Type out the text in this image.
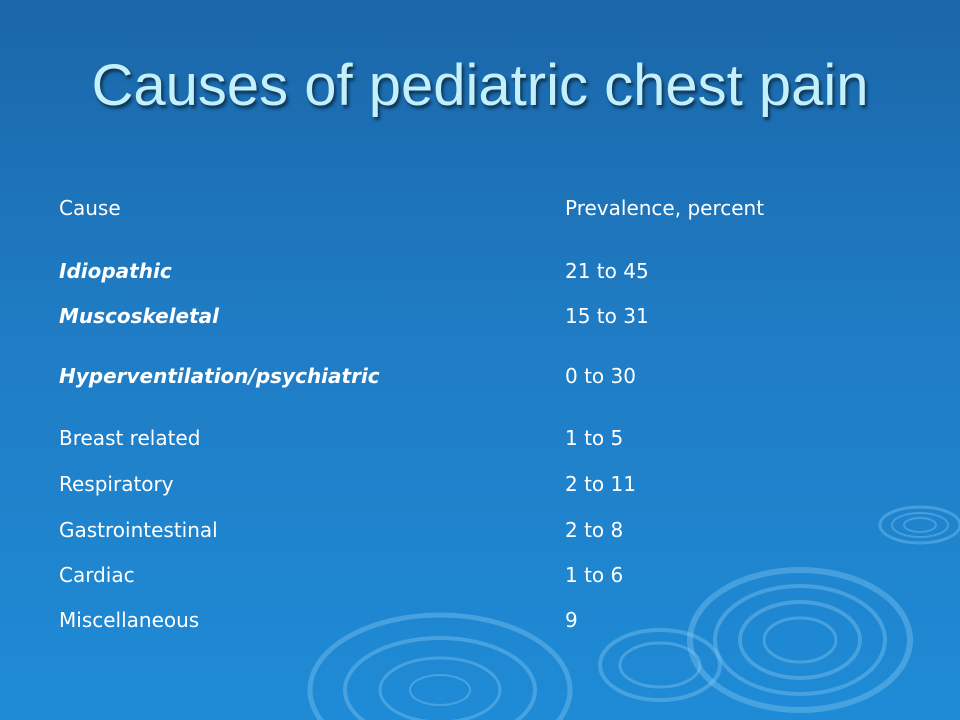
Causes of pediatric chest pain
Cause	Prevalence, percent
Idiopathic	21 to 45
Muscoskeletal	15 to 31
Hyperventilation/psychiatric	0 to 30
Breast related	1 to 5
Respiratory	2 to 11
Gastrointestinal	2 to 8
Cardiac	1 to 6
Miscellaneous	9
